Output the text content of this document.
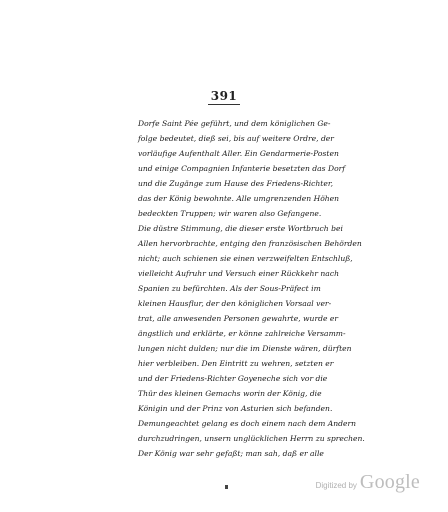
391
Dorfe Saint Pée geführt, und dem königlichen Ge-
folge bedeutet, dieß sei, bis auf weitere Ordre, der
vorläufige Aufenthalt Aller. Ein Gendarmerie-Posten
und einige Compagnien Infanterie besetzten das Dorf
und die Zugänge zum Hause des Friedens-Richter,
das der König bewohnte. Alle umgrenzenden Höhen
bedeckten Truppen; wir waren also Gefangene.
Die düstre Stimmung, die dieser erste Wortbruch bei
Allen hervorbrachte, entging den französischen Behörden
nicht; auch schienen sie einen verzweifelten Entschluß,
vielleicht Aufruhr und Versuch einer Rückkehr nach
Spanien zu befürchten. Als der Sous-Präfect im
kleinen Hausflur, der den königlichen Vorsaal ver-
trat, alle anwesenden Personen gewahrte, wurde er
ängstlich und erklärte, er könne zahlreiche Versamm-
lungen nicht dulden; nur die im Dienste wären, dürften
hier verbleiben. Den Eintritt zu wehren, setzten er
und der Friedens-Richter Goyeneche sich vor die
Thür des kleinen Gemachs worin der König, die
Königin und der Prinz von Asturien sich befanden.
Demungeachtet gelang es doch einem nach dem Andern
durchzudringen, unsern unglücklichen Herrn zu sprechen.
Der König war sehr gefaßt; man sah, daß er alle
Digitized by Google
